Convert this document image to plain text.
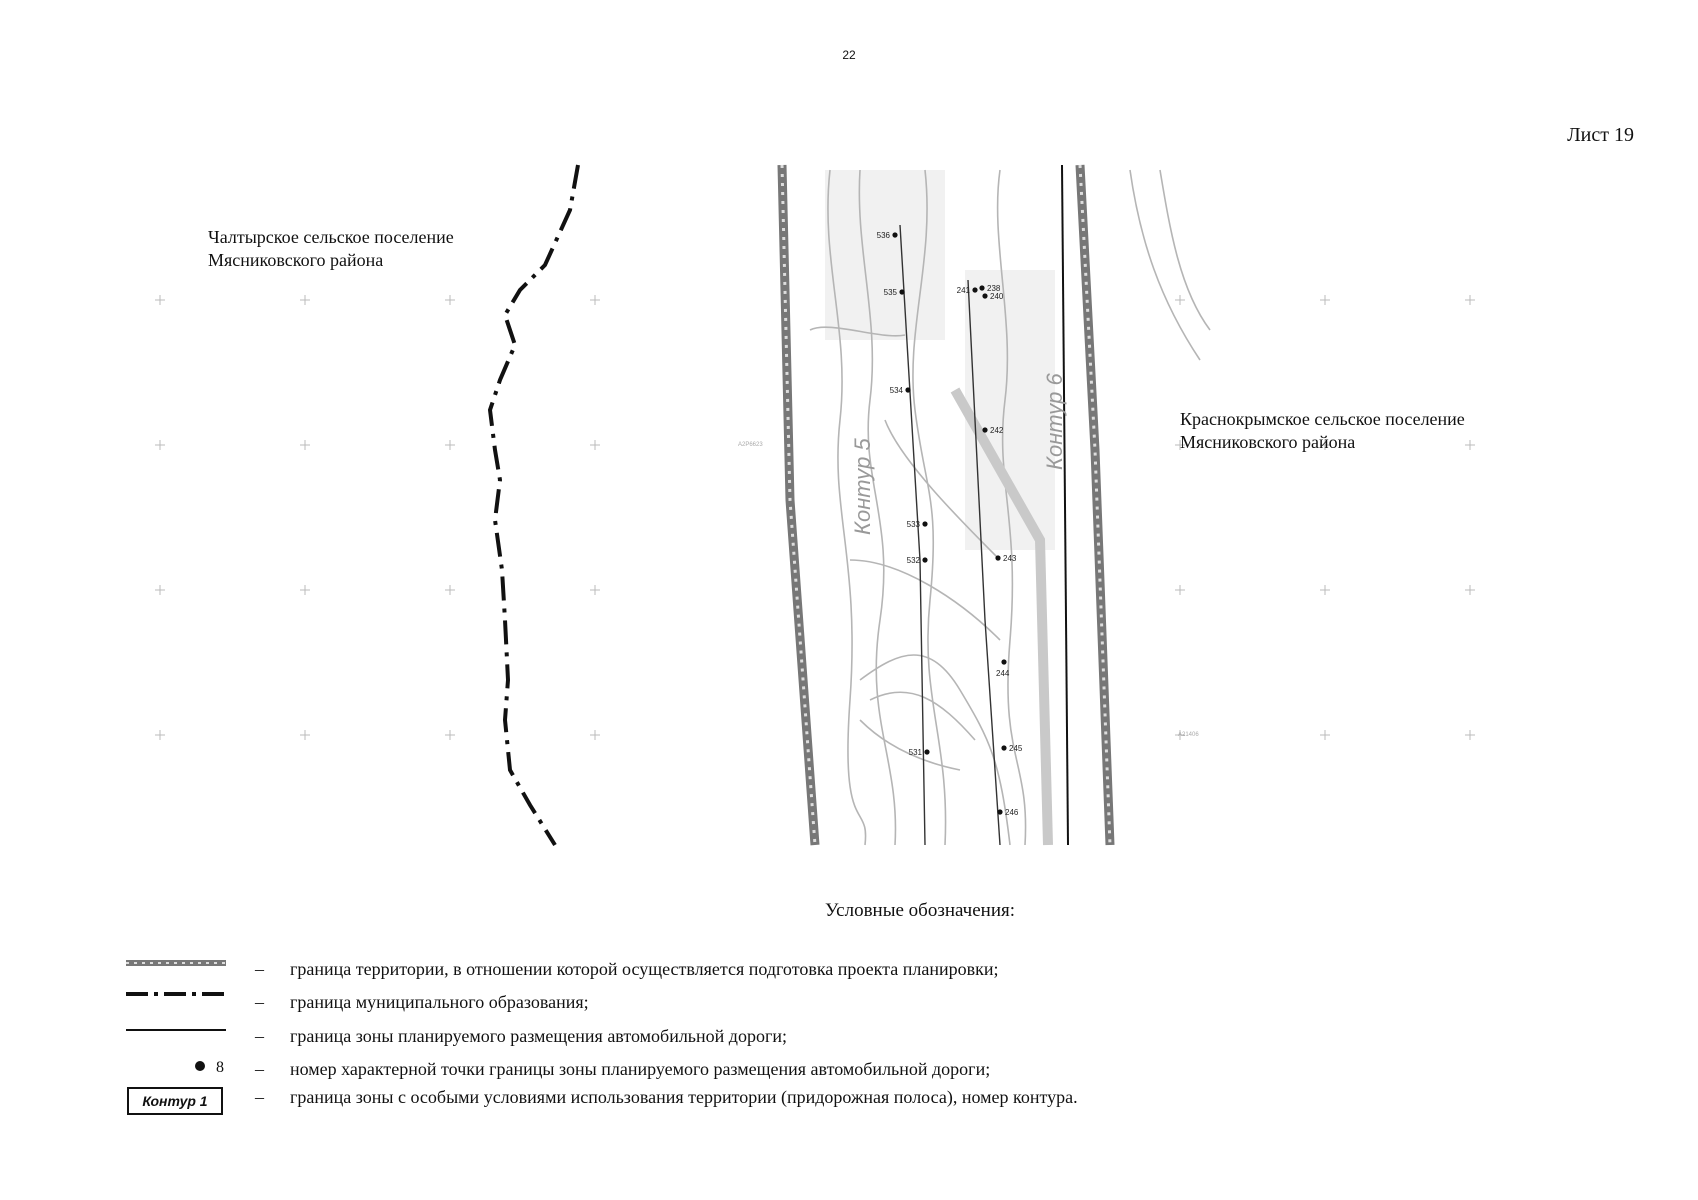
22
Лист 19
Контур 5
Контур 6
A2P6623
A21406
536
535	241 238
240
534
242
533
532	243
244
531	245
246
Чалтырское сельское поселение
Мясниковского района
Краснокрымское сельское поселение
Мясниковского района
Условные обозначения:
– граница территории, в отношении которой осуществляется подготовка проекта планировки;
– граница муниципального образования;
– граница зоны планируемого размещения автомобильной дороги;
8 – номер характерной точки границы зоны планируемого размещения автомобильной дороги;
Контур 1	– граница зоны с особыми условиями использования территории (придорожная полоса), номер контура.
